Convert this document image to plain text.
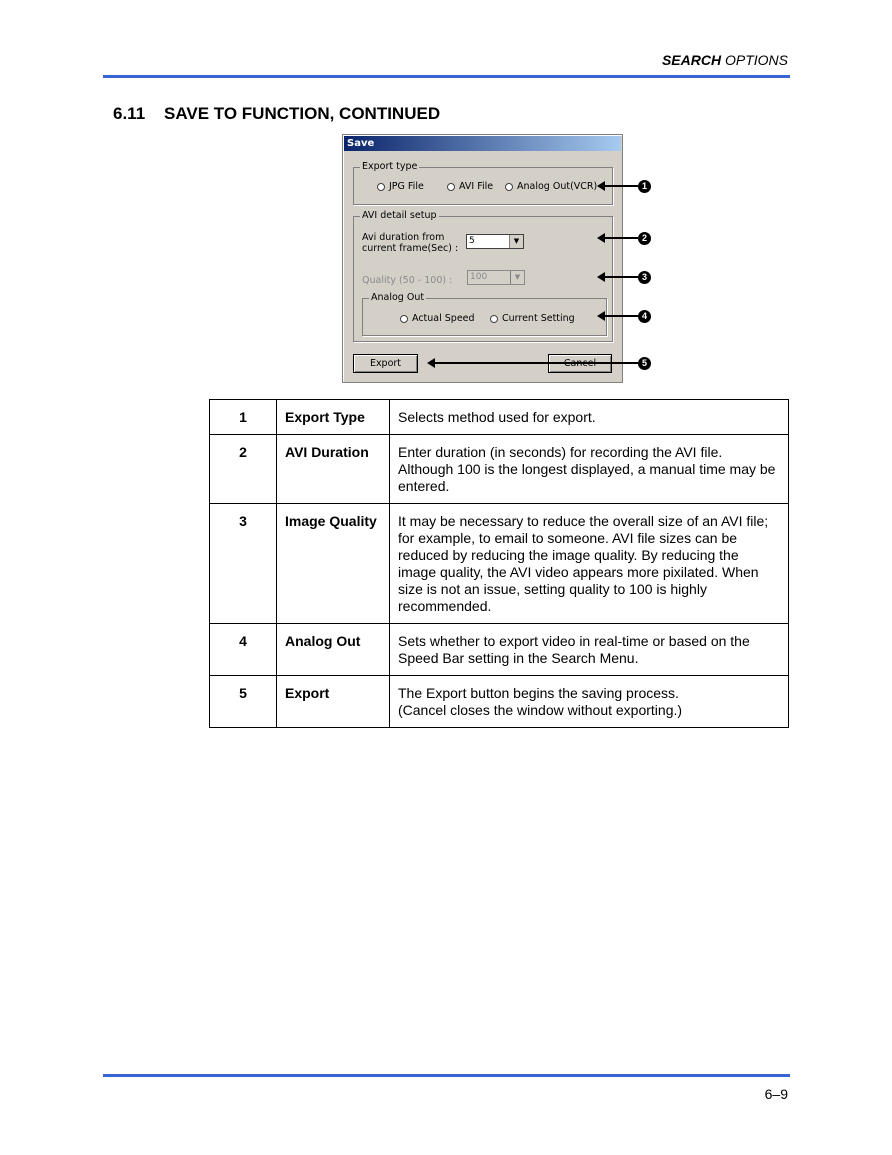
SEARCH OPTIONS
6.11 SAVE TO FUNCTION, CONTINUED
Save
Export type
JPG File	AVI File	Analog Out(VCR)
AVI detail setup
Avi duration from
current frame(Sec) :
5	▼
Quality (50 - 100) :	100	▼
Analog Out
Actual Speed	Current Setting
Export
1
2
3
4
5
1	Export Type	Selects method used for export.
2	AVI Duration	Enter duration (in seconds) for recording the AVI file. Although 100 is the longest displayed, a manual time may be entered.
3	Image Quality	It may be necessary to reduce the overall size of an AVI file; for example, to email to someone. AVI file sizes can be reduced by reducing the image quality. By reducing the image quality, the AVI video appears more pixilated. When size is not an issue, setting quality to 100 is highly recommended.
4	Analog Out	Sets whether to export video in real-time or based on the Speed Bar setting in the Search Menu.
5	Export	The Export button begins the saving process.
(Cancel closes the window without exporting.)
6–9
